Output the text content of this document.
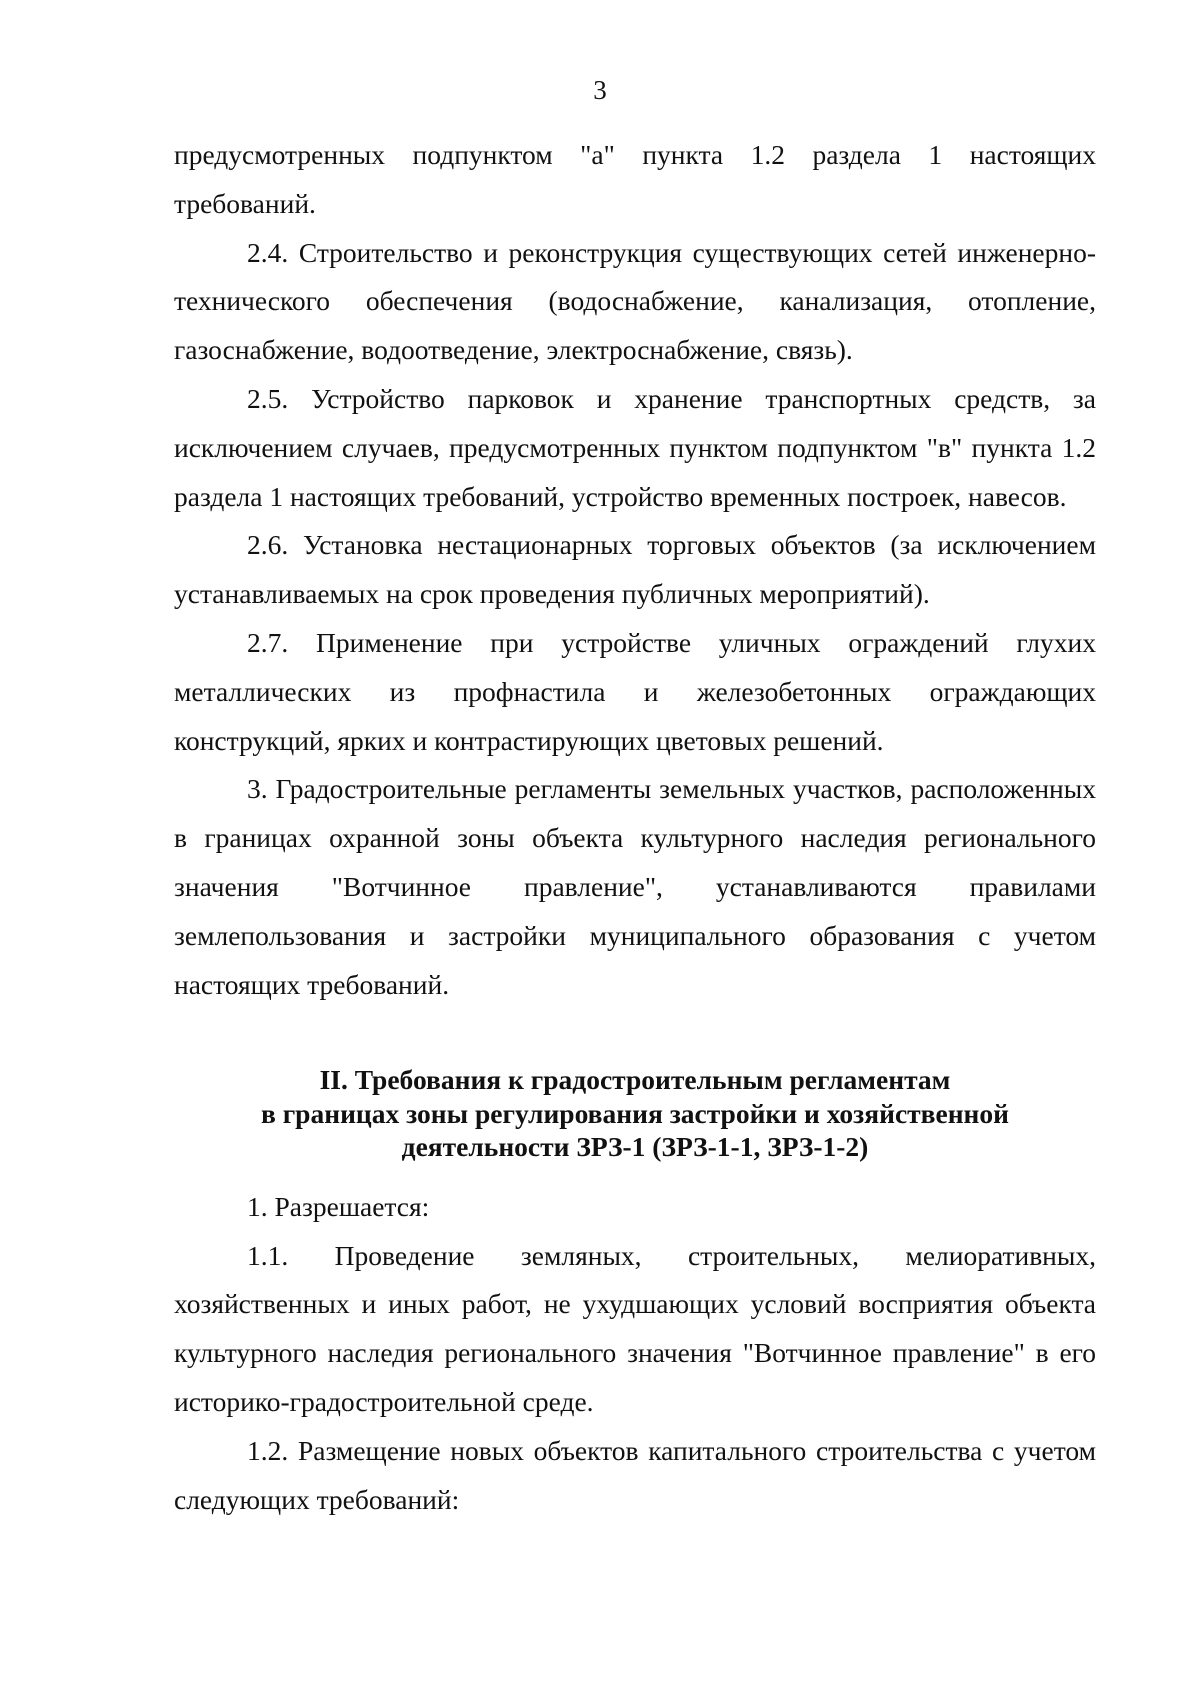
3

предусмотренных подпунктом "а" пункта 1.2 раздела 1 настоящих требований.

2.4. Строительство и реконструкция существующих сетей инженерно-технического обеспечения (водоснабжение, канализация, отопление, газоснабжение, водоотведение, электроснабжение, связь).

2.5. Устройство парковок и хранение транспортных средств, за исключением случаев, предусмотренных пунктом подпунктом "в" пункта 1.2 раздела 1 настоящих требований, устройство временных построек, навесов.

2.6. Установка нестационарных торговых объектов (за исключением устанавливаемых на срок проведения публичных мероприятий).

2.7. Применение при устройстве уличных ограждений глухих металлических из профнастила и железобетонных ограждающих конструкций, ярких и контрастирующих цветовых решений.

3. Градостроительные регламенты земельных участков, расположенных в границах охранной зоны объекта культурного наследия регионального значения "Вотчинное правление", устанавливаются правилами землепользования и застройки муниципального образования с учетом настоящих требований.

II. Требования к градостроительным регламентам
в границах зоны регулирования застройки и хозяйственной
деятельности ЗРЗ-1 (ЗРЗ-1-1, ЗРЗ-1-2)

1. Разрешается:

1.1. Проведение земляных, строительных, мелиоративных, хозяйственных и иных работ, не ухудшающих условий восприятия объекта культурного наследия регионального значения "Вотчинное правление" в его историко-градостроительной среде.

1.2. Размещение новых объектов капитального строительства с учетом следующих требований:
